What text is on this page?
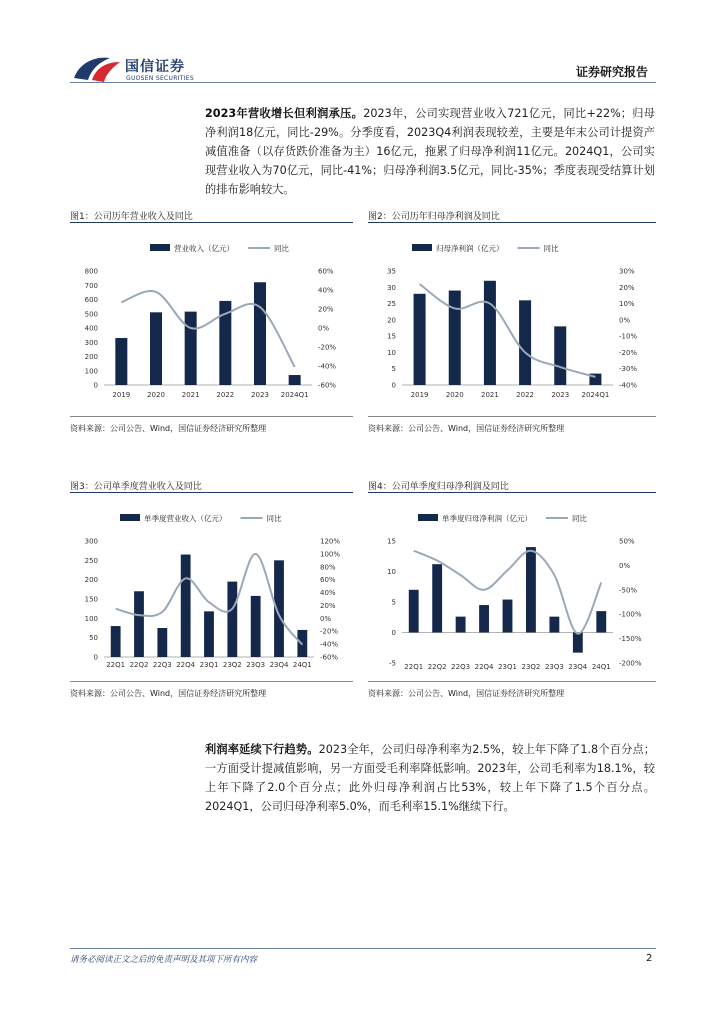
国信证券
GUOSEN SECURITIES	证券研究报告
2023年营收增长但利润承压。2023年，公司实现营业收入721亿元，同比+22%；归母净利润18亿元，同比-29%。分季度看，2023Q4利润表现较差，主要是年末公司计提资产减值准备（以存货跌价准备为主）16亿元，拖累了归母净利润11亿元。2024Q1，公司实现营业收入为70亿元，同比-41%；归母净利润3.5亿元，同比-35%；季度表现受结算计划的排布影响较大。
图1：公司历年营业收入及同比	图2：公司历年归母净利润及同比
营业收入（亿元）	同比
0
100
200
300
400
500
600
700
800
-60%
-40%
-20%
0%
20%
40%
60%
2019 2020 2021 2022 2023 2024Q1
归母净利润（亿元）	同比
0
5
10
15
20
25
30
35
-40%
-30%
-20%
-10%
0%
10%
20%
30%
2019 2020 2021 2022 2023 2024Q1
资料来源：公司公告、Wind，国信证券经济研究所整理	资料来源：公司公告、Wind，国信证券经济研究所整理
图3：公司单季度营业收入及同比	图4：公司单季度归母净利润及同比
单季度营业收入（亿元）	同比
0
50
100
150
200
250
300
-60%
-40%
-20%
0%
20%
40%
60%
80%
100%
120%
22Q1 22Q2 22Q3 22Q4 23Q1 23Q2 23Q3 23Q4 24Q1
单季度归母净利润（亿元）	同比
-5
0
5
10
15
-200%
-150%
-100%
-50%
0%
50%
22Q1 22Q2 22Q3 22Q4 23Q1 23Q2 23Q3 23Q4 24Q1
资料来源：公司公告、Wind，国信证券经济研究所整理	资料来源：公司公告、Wind，国信证券经济研究所整理
利润率延续下行趋势。2023全年，公司归母净利率为2.5%，较上年下降了1.8个百分点；一方面受计提减值影响，另一方面受毛利率降低影响。2023年，公司毛利率为18.1%，较上年下降了2.0个百分点；此外归母净利润占比53%，较上年下降了1.5个百分点。2024Q1，公司归母净利率5.0%，而毛利率15.1%继续下行。
请务必阅读正文之后的免责声明及其项下所有内容	2
